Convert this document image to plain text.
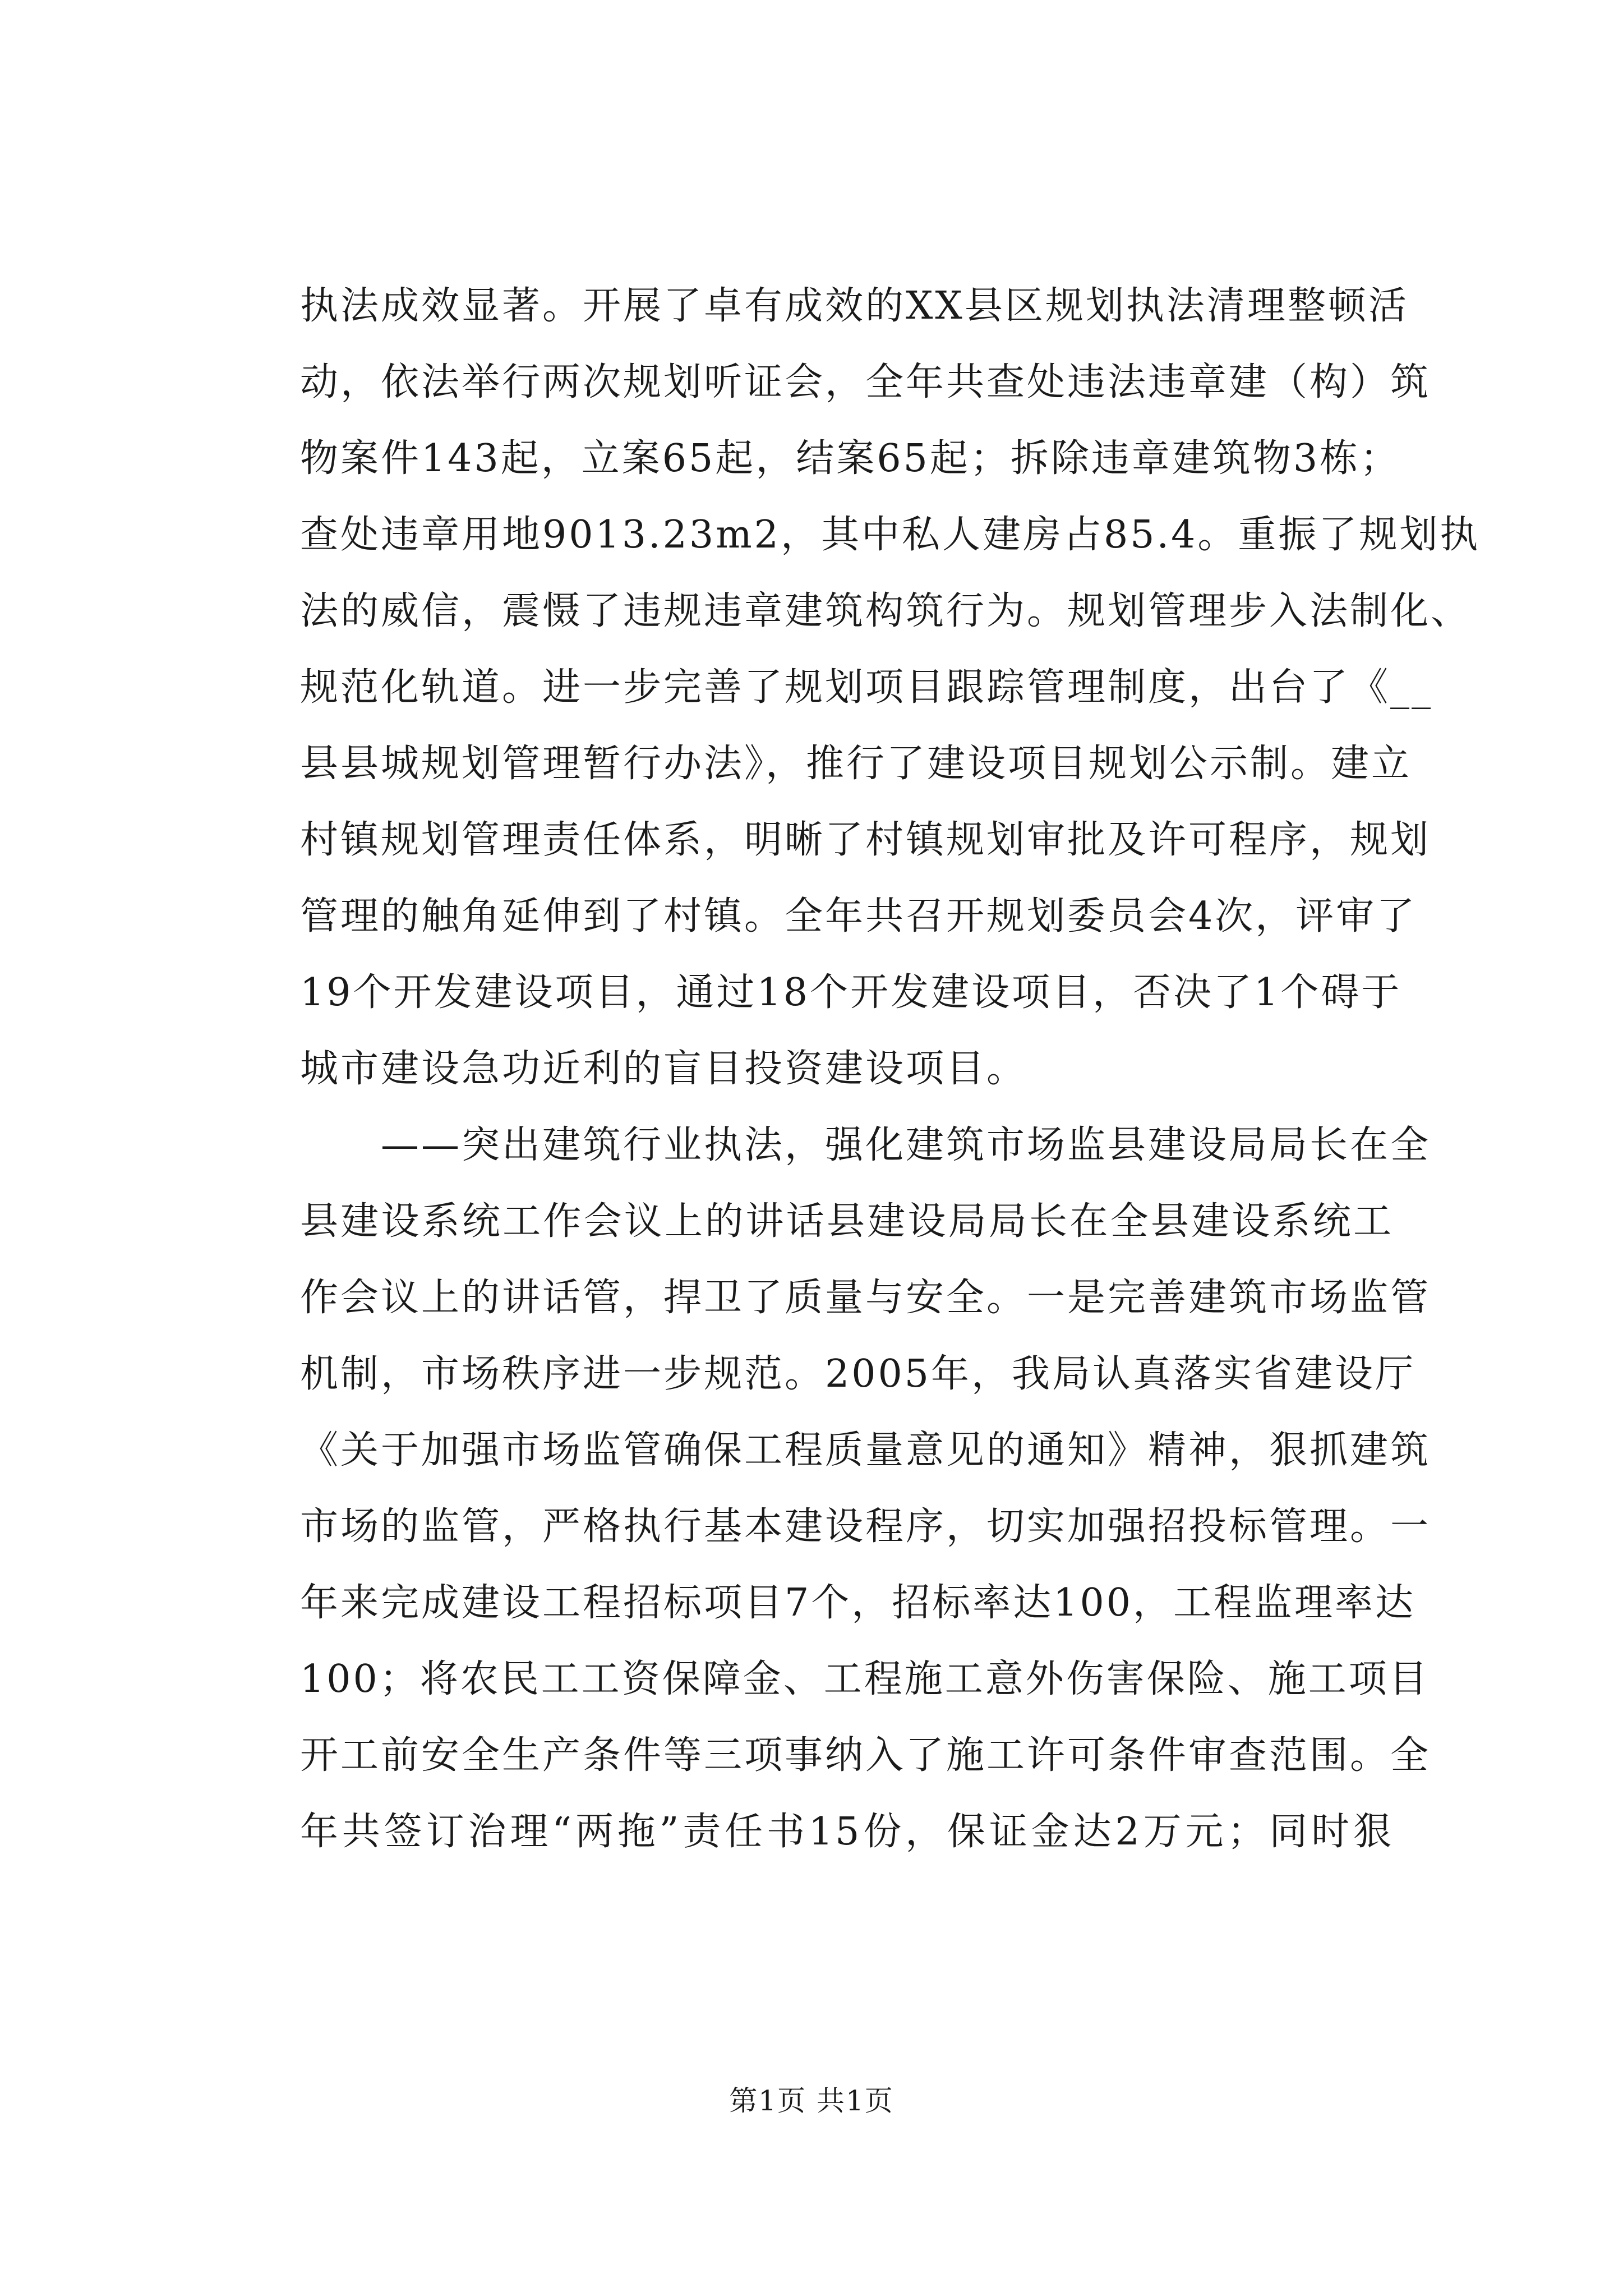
执法成效显著。开展了卓有成效的XX县区规划执法清理整顿活
动，依法举行两次规划听证会，全年共查处违法违章建（构）筑
物案件143起，立案65起，结案65起；拆除违章建筑物3栋；
查处违章用地9013.23m2，其中私人建房占85.4。重振了规划执
法的威信，震慑了违规违章建筑构筑行为。规划管理步入法制化、
规范化轨道。进一步完善了规划项目跟踪管理制度，出台了《__
县县城规划管理暂行办法》，推行了建设项目规划公示制。建立
村镇规划管理责任体系，明晰了村镇规划审批及许可程序，规划
管理的触角延伸到了村镇。全年共召开规划委员会4次，评审了
19个开发建设项目，通过18个开发建设项目，否决了1个碍于
城市建设急功近利的盲目投资建设项目。
　　——突出建筑行业执法，强化建筑市场监县建设局局长在全
县建设系统工作会议上的讲话县建设局局长在全县建设系统工
作会议上的讲话管，捍卫了质量与安全。一是完善建筑市场监管
机制，市场秩序进一步规范。2005年，我局认真落实省建设厅
《关于加强市场监管确保工程质量意见的通知》精神，狠抓建筑
市场的监管，严格执行基本建设程序，切实加强招投标管理。一
年来完成建设工程招标项目7个，招标率达100，工程监理率达
100；将农民工工资保障金、工程施工意外伤害保险、施工项目
开工前安全生产条件等三项事纳入了施工许可条件审查范围。全
年共签订治理“两拖”责任书15份，保证金达2万元；同时狠
第1页 共1页
